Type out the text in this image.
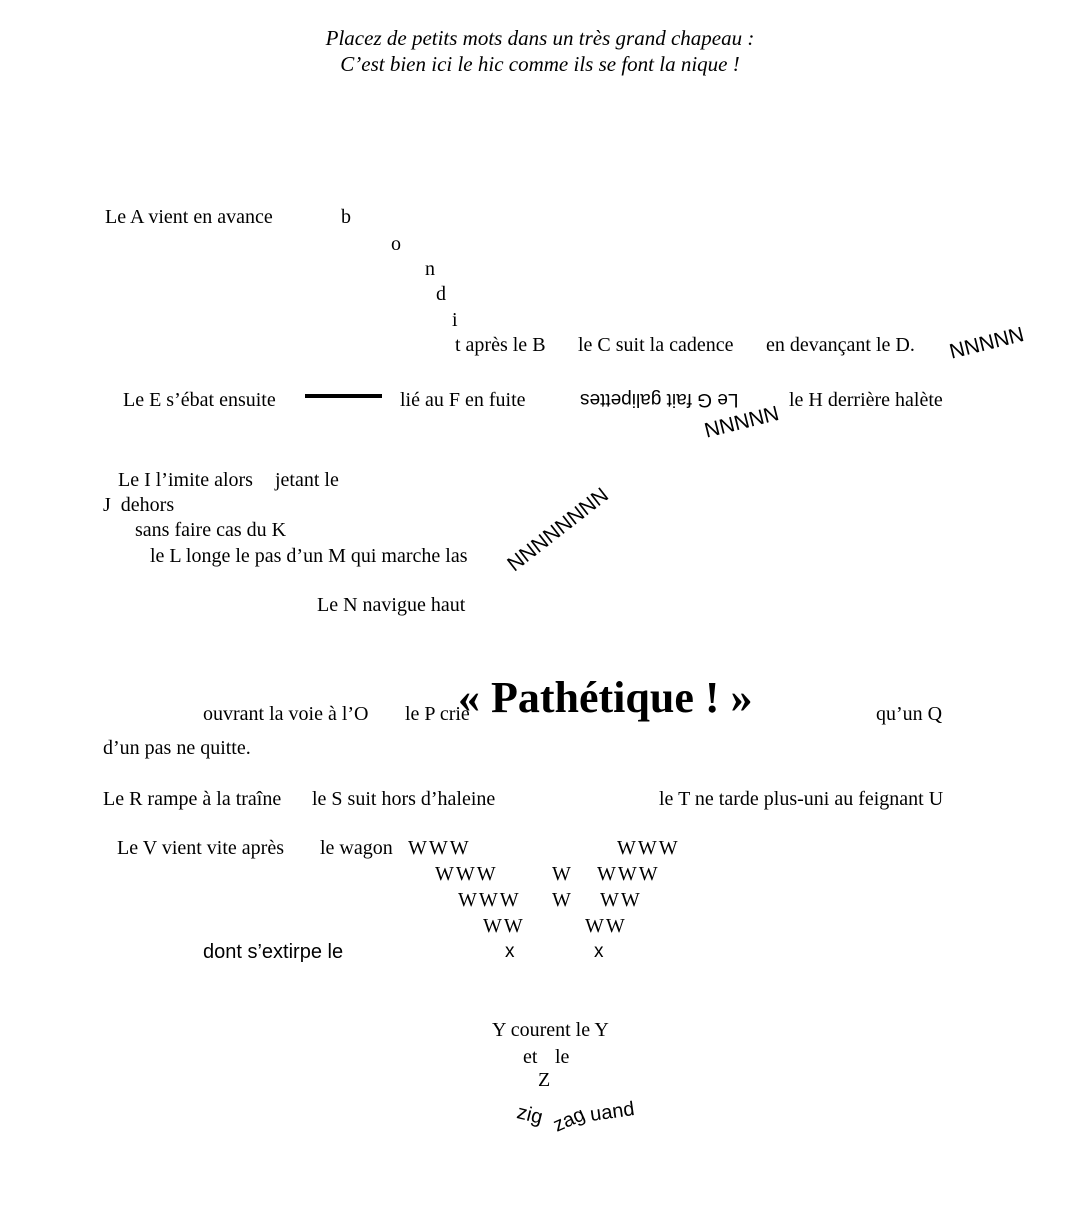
Placez de petits mots dans un très grand chapeau :
C’est bien ici le hic comme ils se font la nique !
Le A vient en avance	b
o
n
d
i
t après le B le C suit la cadence en devançant le D. NNNNN
Le E s’ébat ensuite	lié au F en fuite	Le G fait galipettes	le H derrière halète
NNNNN
Le I l’imite alors jetant le
J  dehors
sans faire cas du K
le L longe le pas d’un M qui marche las NNNNNNNN
Le N navigue haut
ouvrant la voie à l’O le P crie
« Pathétique ! »	qu’un Q
d’un pas ne quitte.
Le R rampe à la traîne le S suit hors d’haleine	le T ne tarde plus-uni au feignant U
Le V vient vite après le wagon WWW	WWW
WWW	W WWW
WWW W WW
WW	WW
dont s’extirpe le	x	x
Y courent le Y
et le
Z
zig zag uand
